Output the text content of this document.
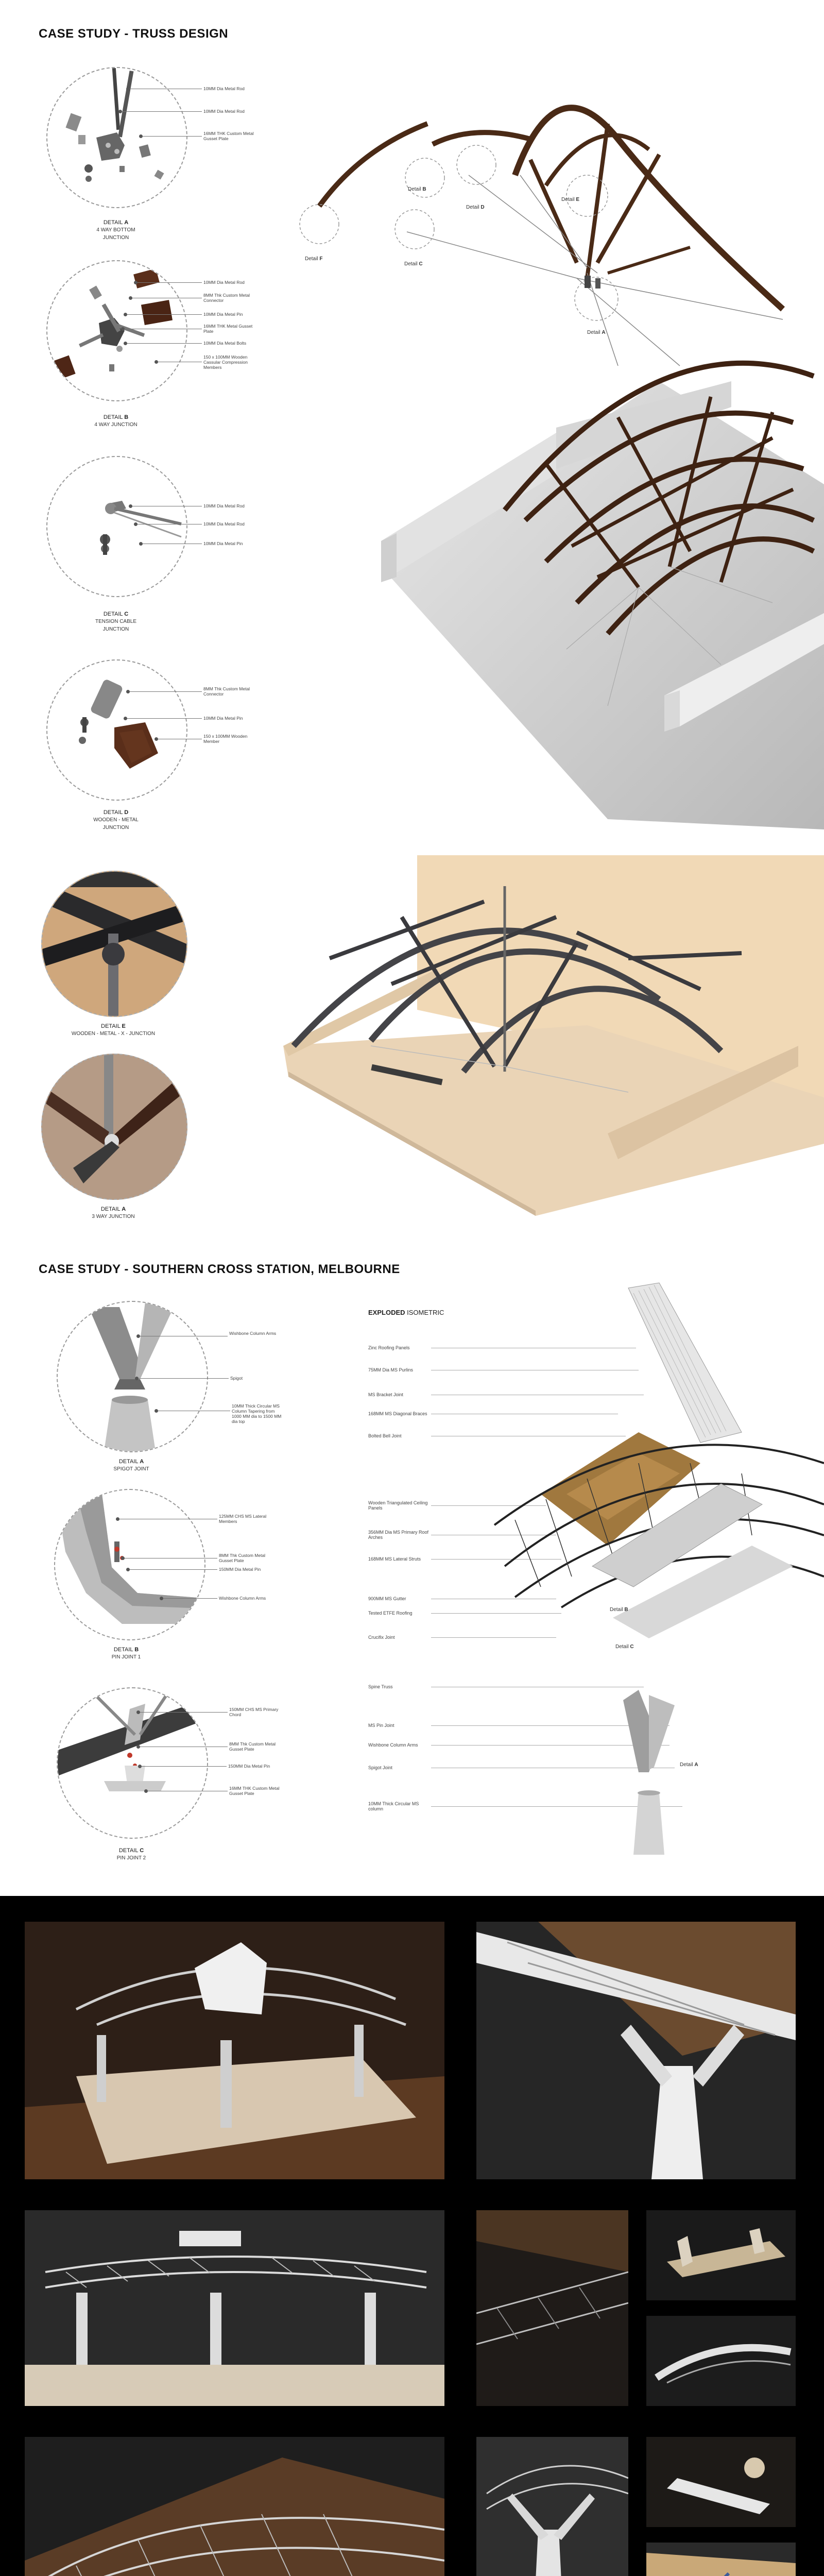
CASE STUDY - TRUSS DESIGN
10MM Dia Metal Rod
10MM Dia Metal Rod
16MM THK Custom Metal Gusset Plate
DETAIL A
4 WAY BOTTOM
JUNCTION
10MM Dia Metal Rod
8MM Thk Custom Metal Connector
10MM Dia Metal Pin
16MM THK Metal Gusset Plate
10MM Dia Metal Bolts
150 x 100MM Wooden Cassular Compression Members
DETAIL B
4 WAY JUNCTION
10MM Dia Metal Rod
10MM Dia Metal Rod
10MM Dia Metal Pin
DETAIL C
TENSION CABLE
JUNCTION
8MM Thk Custom Metal Connector
10MM Dia Metal Pin
150 x 100MM Wooden Member
DETAIL D
WOODEN - METAL
JUNCTION
Detail F
Detail C
Detail B
Detail D
Detail E
Detail A
DETAIL E
WOODEN - METAL - X - JUNCTION
DETAIL A
3 WAY JUNCTION
CASE STUDY - SOUTHERN CROSS STATION, MELBOURNE
Wishbone Column Arms
Spigot
10MM Thick Circular MS Column Tapering from 1000 MM dia to 1500 MM dia top
DETAIL A
SPIGOT JOINT
125MM CHS MS Lateral Members
8MM Thk Custom Metal Gusset Plate
150MM Dia Metal Pin
Wishbone Column Arms
DETAIL B
PIN JOINT 1
150MM CHS MS Primary Chord
8MM Thk Custom Metal Gusset Plate
150MM Dia Metal Pin
16MM THK Custom Metal Gusset Plate
DETAIL C
PIN JOINT 2
EXPLODED ISOMETRIC
Zinc Roofing Panels
75MM Dia MS Purlins
MS Bracket Joint
168MM MS Diagonal Braces
Bolted Bell Joint
Wooden Triangulated Ceiling Panels
356MM Dia MS Primary Roof Arches
168MM MS Lateral Struts
900MM MS Gutter
Tested ETFE Roofing
Crucifix Joint
Spine Truss
MS Pin Joint
Wishbone Column Arms
Spigot Joint
10MM Thick Circular MS column
Detail B
Detail C
Detail A
